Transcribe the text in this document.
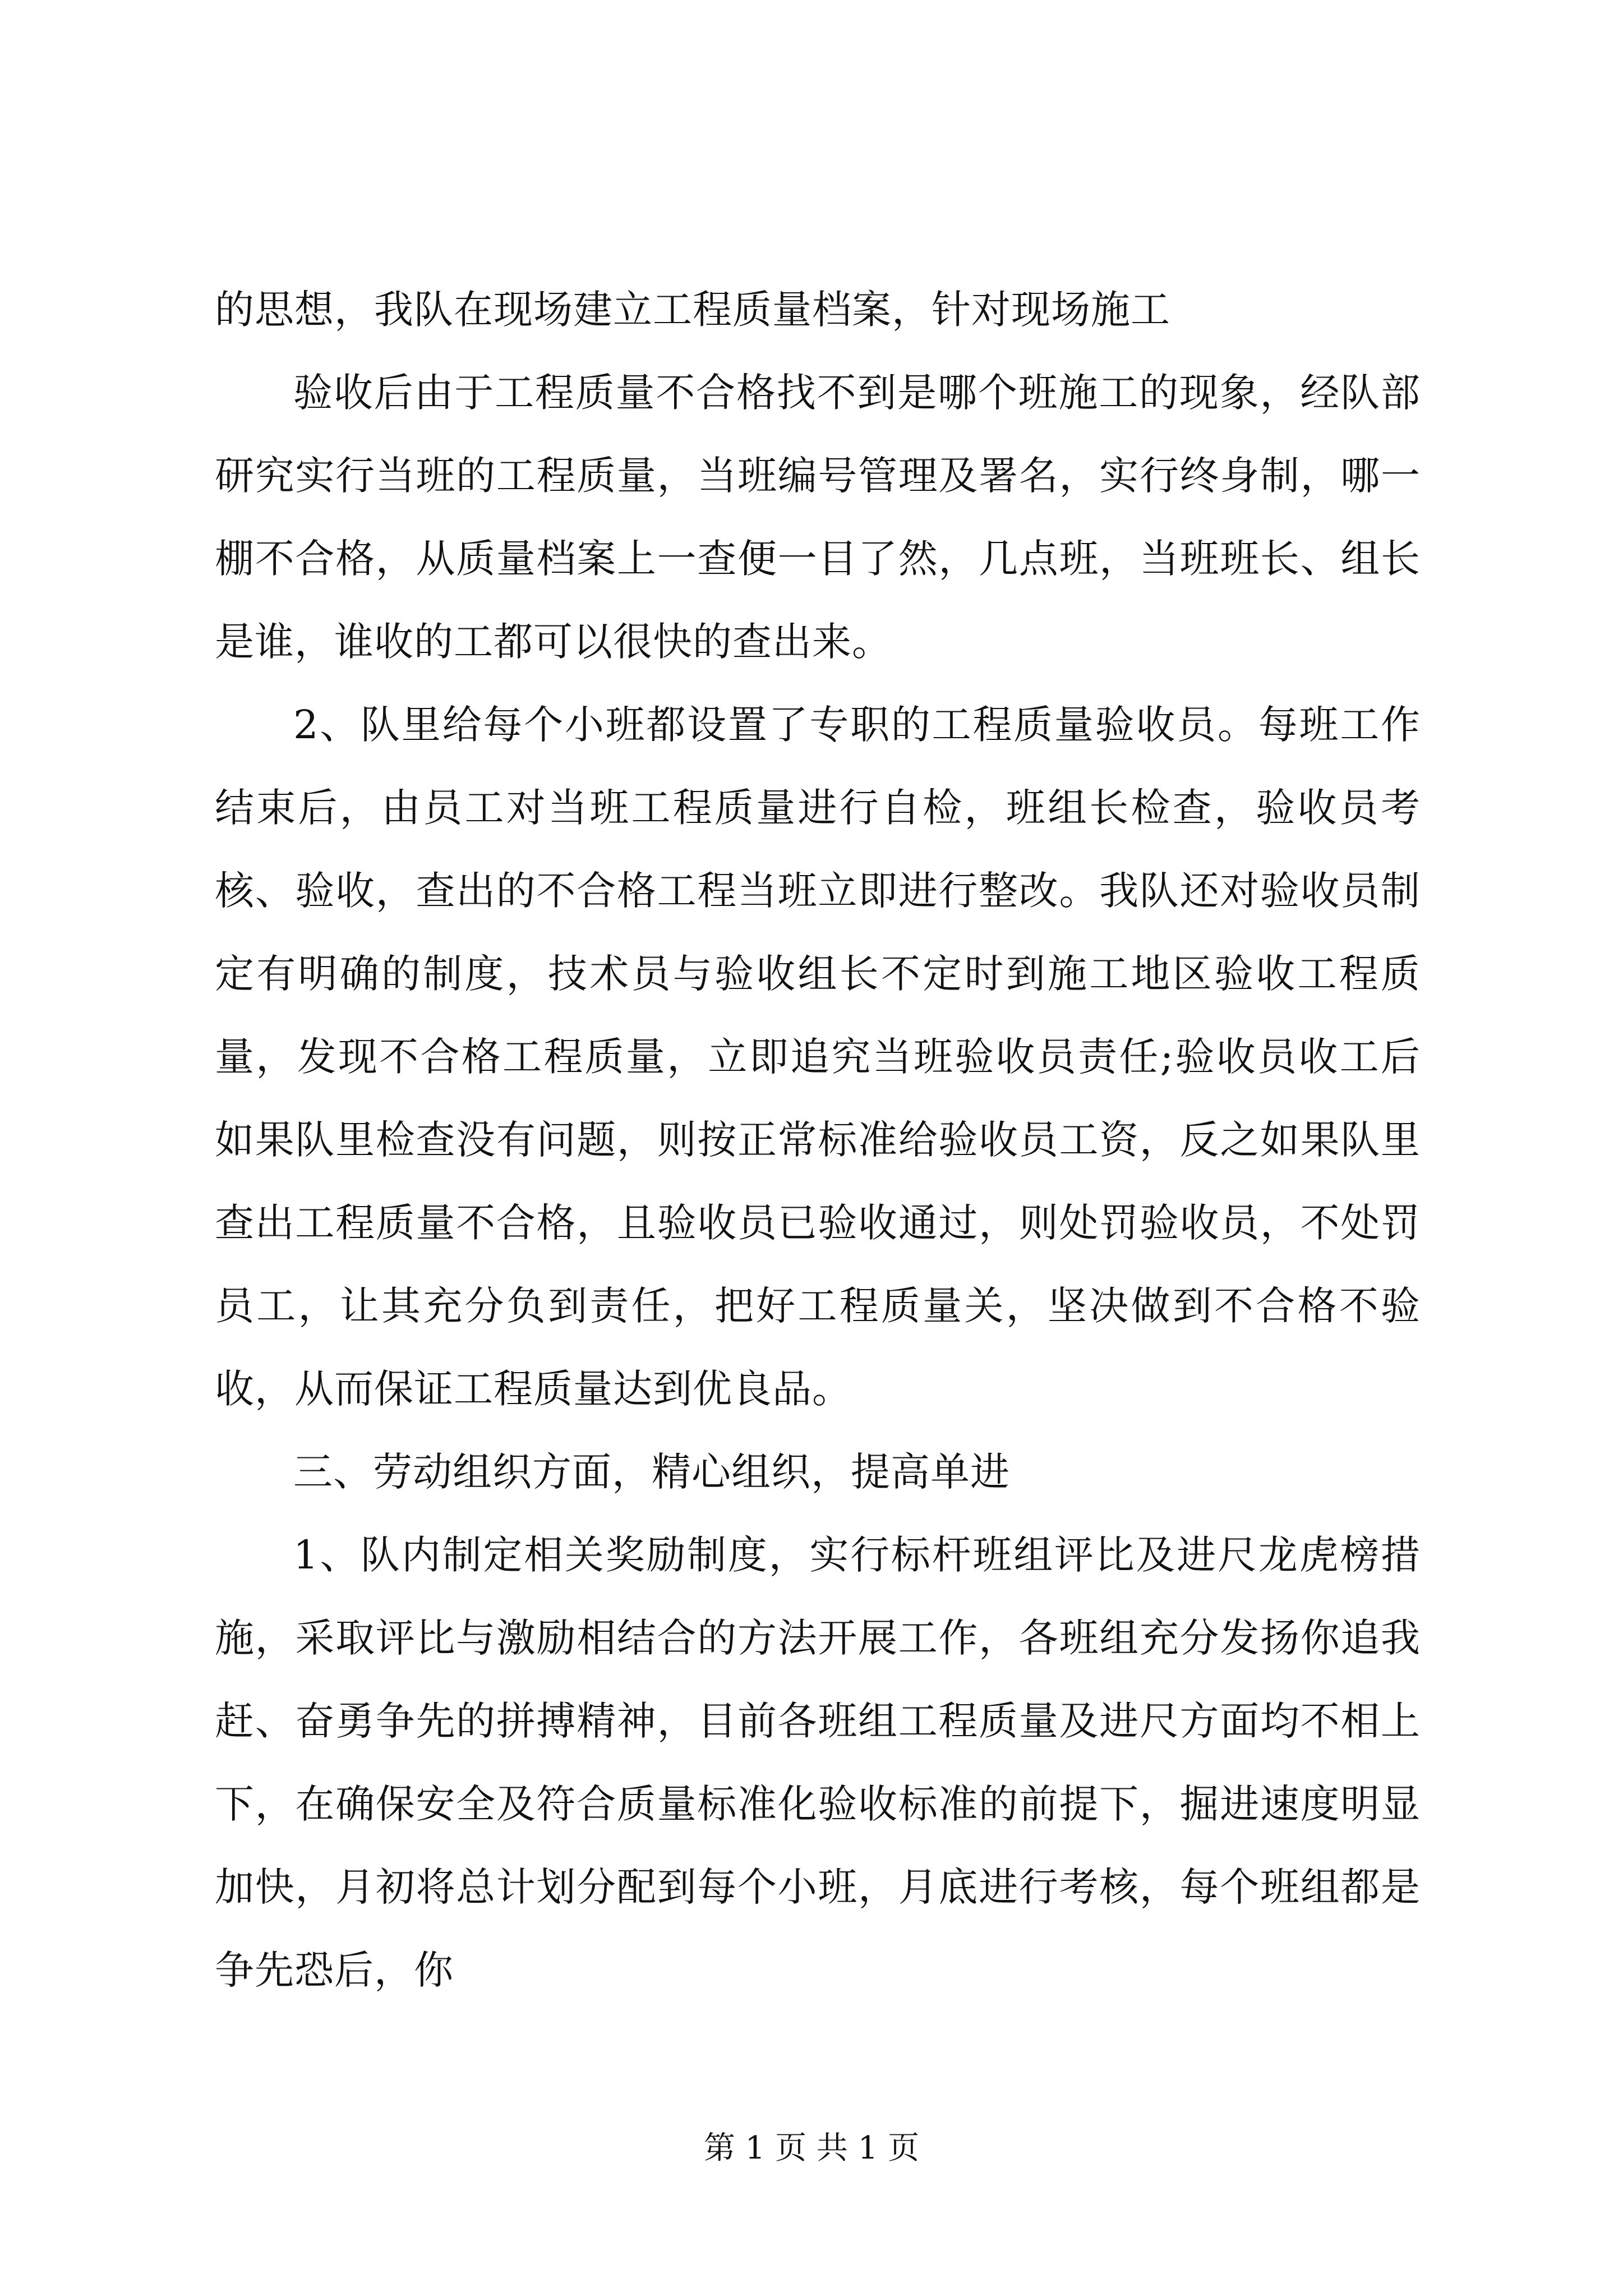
的思想，我队在现场建立工程质量档案，针对现场施工

验收后由于工程质量不合格找不到是哪个班施工的现象，经队部研究实行当班的工程质量，当班编号管理及署名，实行终身制，哪一棚不合格，从质量档案上一查便一目了然，几点班，当班班长、组长是谁，谁收的工都可以很快的查出来。

2、队里给每个小班都设置了专职的工程质量验收员。每班工作结束后，由员工对当班工程质量进行自检，班组长检查，验收员考核、验收，查出的不合格工程当班立即进行整改。我队还对验收员制定有明确的制度，技术员与验收组长不定时到施工地区验收工程质量，发现不合格工程质量，立即追究当班验收员责任;验收员收工后如果队里检查没有问题，则按正常标准给验收员工资，反之如果队里查出工程质量不合格，且验收员已验收通过，则处罚验收员，不处罚员工，让其充分负到责任，把好工程质量关，坚决做到不合格不验收，从而保证工程质量达到优良品。

三、劳动组织方面，精心组织，提高单进

1、队内制定相关奖励制度，实行标杆班组评比及进尺龙虎榜措施，采取评比与激励相结合的方法开展工作，各班组充分发扬你追我赶、奋勇争先的拼搏精神，目前各班组工程质量及进尺方面均不相上下，在确保安全及符合质量标准化验收标准的前提下，掘进速度明显加快，月初将总计划分配到每个小班，月底进行考核，每个班组都是争先恐后，你

第 1 页 共 1 页
